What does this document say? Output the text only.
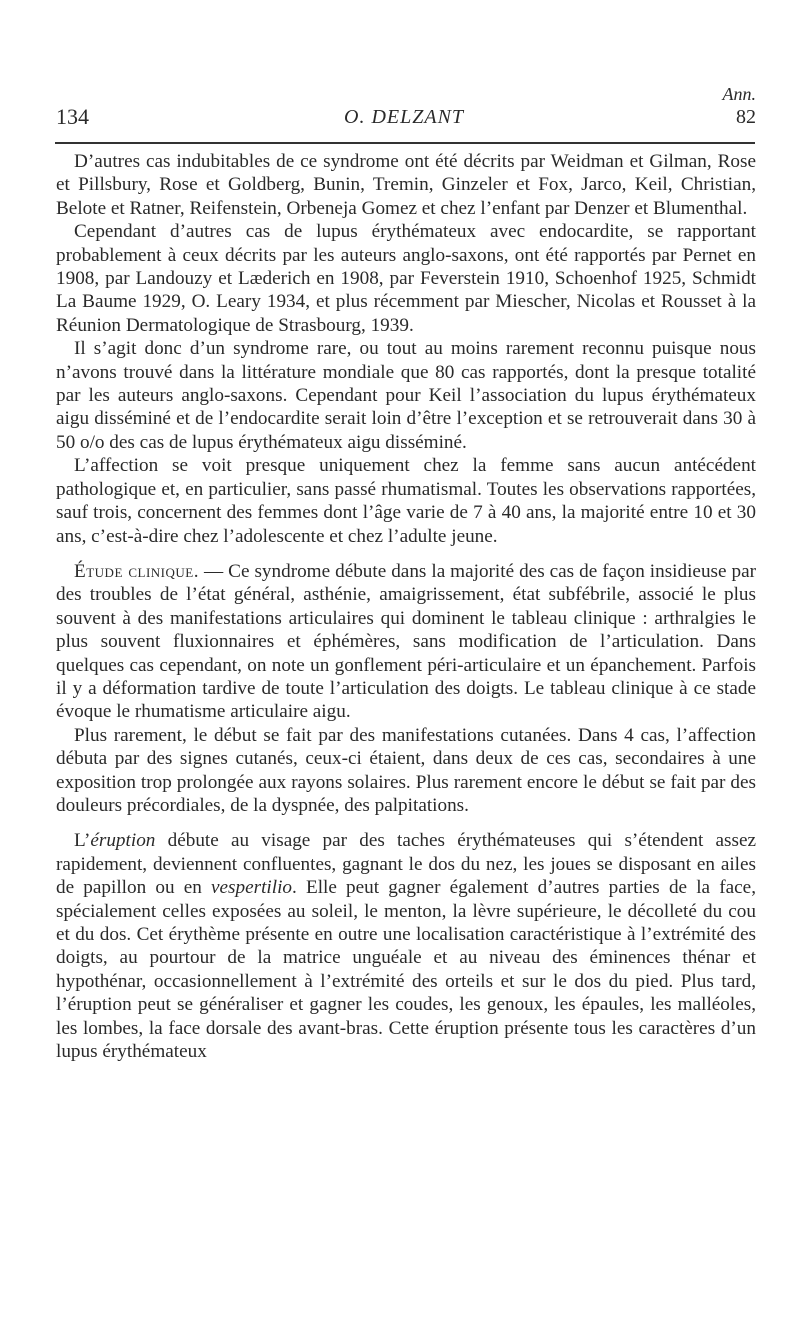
134	O. DELZANT
Ann.
82

D’autres cas indubitables de ce syndrome ont été décrits par Weidman et Gilman, Rose et Pillsbury, Rose et Goldberg, Bunin, Tremin, Ginzeler et Fox, Jarco, Keil, Christian, Belote et Ratner, Reifenstein, Orbeneja Gomez et chez l’enfant par Denzer et Blumenthal.

Cependant d’autres cas de lupus érythémateux avec endocardite, se rapportant probablement à ceux décrits par les auteurs anglo-saxons, ont été rapportés par Pernet en 1908, par Landouzy et Læderich en 1908, par Feverstein 1910, Schoenhof 1925, Schmidt La Baume 1929, O. Leary 1934, et plus récemment par Miescher, Nicolas et Rousset à la Réunion Dermatologique de Strasbourg, 1939.

Il s’agit donc d’un syndrome rare, ou tout au moins rarement reconnu puisque nous n’avons trouvé dans la littérature mondiale que 80 cas rapportés, dont la presque totalité par les auteurs anglo-saxons. Cependant pour Keil l’association du lupus érythémateux aigu disséminé et de l’endocardite serait loin d’être l’exception et se retrouverait dans 30 à 50 o/o des cas de lupus érythémateux aigu disséminé.

L’affection se voit presque uniquement chez la femme sans aucun antécédent pathologique et, en particulier, sans passé rhumatismal. Toutes les observations rapportées, sauf trois, concernent des femmes dont l’âge varie de 7 à 40 ans, la majorité entre 10 et 30 ans, c’est-à-dire chez l’adolescente et chez l’adulte jeune.

Étude clinique. — Ce syndrome débute dans la majorité des cas de façon insidieuse par des troubles de l’état général, asthénie, amaigrissement, état subfébrile, associé le plus souvent à des manifestations articulaires qui dominent le tableau clinique : arthralgies le plus souvent fluxionnaires et éphémères, sans modification de l’articulation. Dans quelques cas cependant, on note un gonflement péri-articulaire et un épanchement. Parfois il y a déformation tardive de toute l’articulation des doigts. Le tableau clinique à ce stade évoque le rhumatisme articulaire aigu.

Plus rarement, le début se fait par des manifestations cutanées. Dans 4 cas, l’affection débuta par des signes cutanés, ceux-ci étaient, dans deux de ces cas, secondaires à une exposition trop prolongée aux rayons solaires. Plus rarement encore le début se fait par des douleurs précordiales, de la dyspnée, des palpitations.

L’éruption débute au visage par des taches érythémateuses qui s’étendent assez rapidement, deviennent confluentes, gagnant le dos du nez, les joues se disposant en ailes de papillon ou en vespertilio. Elle peut gagner également d’autres parties de la face, spécialement celles exposées au soleil, le menton, la lèvre supérieure, le décolleté du cou et du dos. Cet érythème présente en outre une localisation caractéristique à l’extrémité des doigts, au pourtour de la matrice unguéale et au niveau des éminences thénar et hypothénar, occasionnellement à l’extrémité des orteils et sur le dos du pied. Plus tard, l’éruption peut se généraliser et gagner les coudes, les genoux, les épaules, les malléoles, les lombes, la face dorsale des avant-bras. Cette éruption présente tous les caractères d’un lupus érythémateux
